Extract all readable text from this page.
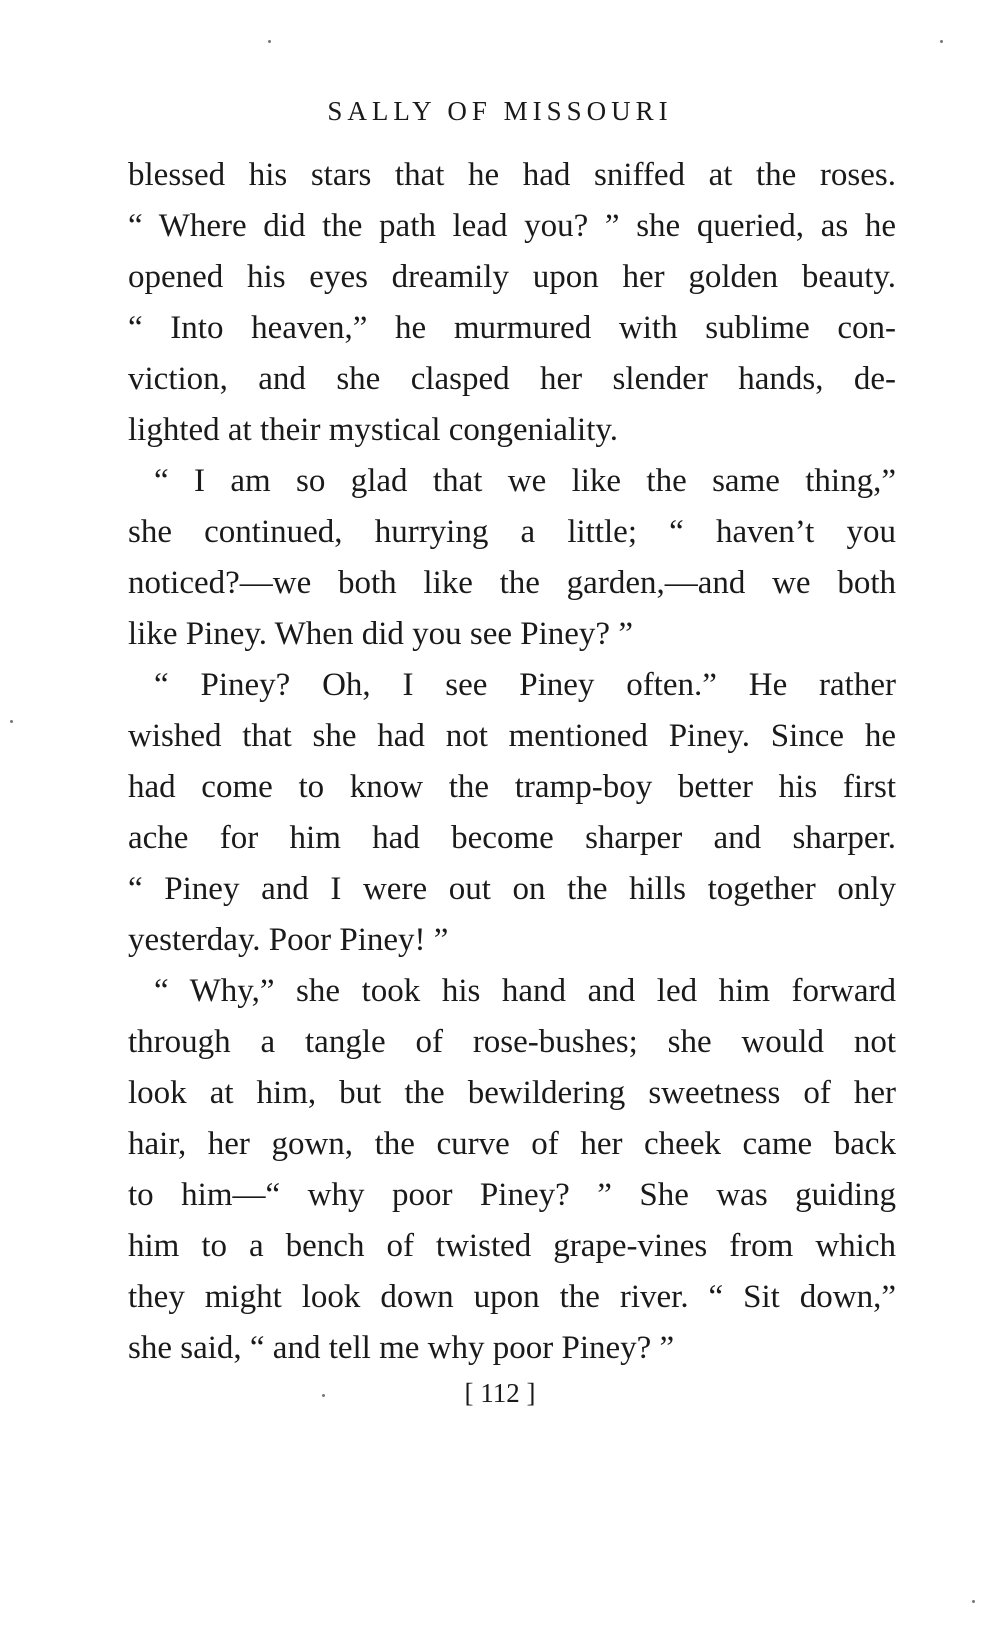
SALLY OF MISSOURI
blessed his stars that he had sniffed at the roses.
“ Where did the path lead you? ” she queried, as he
opened his eyes dreamily upon her golden beauty.
“ Into heaven,” he murmured with sublime con-
viction, and she clasped her slender hands, de-
lighted at their mystical congeniality.
“ I am so glad that we like the same thing,”
she continued, hurrying a little; “ haven’t you
noticed?—we both like the garden,—and we both
like Piney. When did you see Piney? ”
“ Piney? Oh, I see Piney often.” He rather
wished that she had not mentioned Piney. Since he
had come to know the tramp-boy better his first
ache for him had become sharper and sharper.
“ Piney and I were out on the hills together only
yesterday. Poor Piney! ”
“ Why,” she took his hand and led him forward
through a tangle of rose-bushes; she would not
look at him, but the bewildering sweetness of her
hair, her gown, the curve of her cheek came back
to him—“ why poor Piney? ” She was guiding
him to a bench of twisted grape-vines from which
they might look down upon the river. “ Sit down,”
she said, “ and tell me why poor Piney? ”
[ 112 ]
